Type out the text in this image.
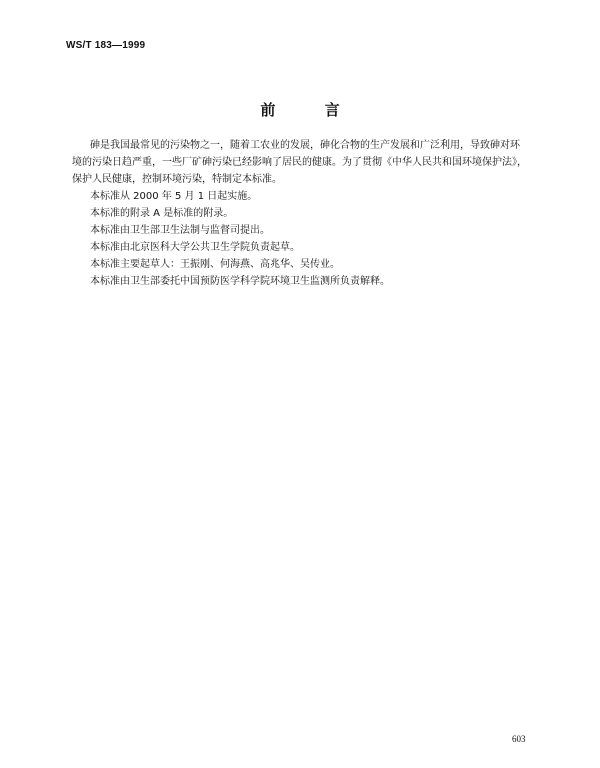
WS/T 183—1999
前 言

砷是我国最常见的污染物之一，随着工农业的发展，砷化合物的生产发展和广泛利用，导致砷对环
境的污染日趋严重，一些厂矿砷污染已经影响了居民的健康。为了贯彻《中华人民共和国环境保护法》，
保护人民健康，控制环境污染，特制定本标准。

本标准从 2000 年 5 月 1 日起实施。

本标准的附录 A 是标准的附录。

本标准由卫生部卫生法制与监督司提出。

本标准由北京医科大学公共卫生学院负责起草。

本标准主要起草人：王振刚、何海燕、高兆华、吴传业。

本标准由卫生部委托中国预防医学科学院环境卫生监测所负责解释。

603
